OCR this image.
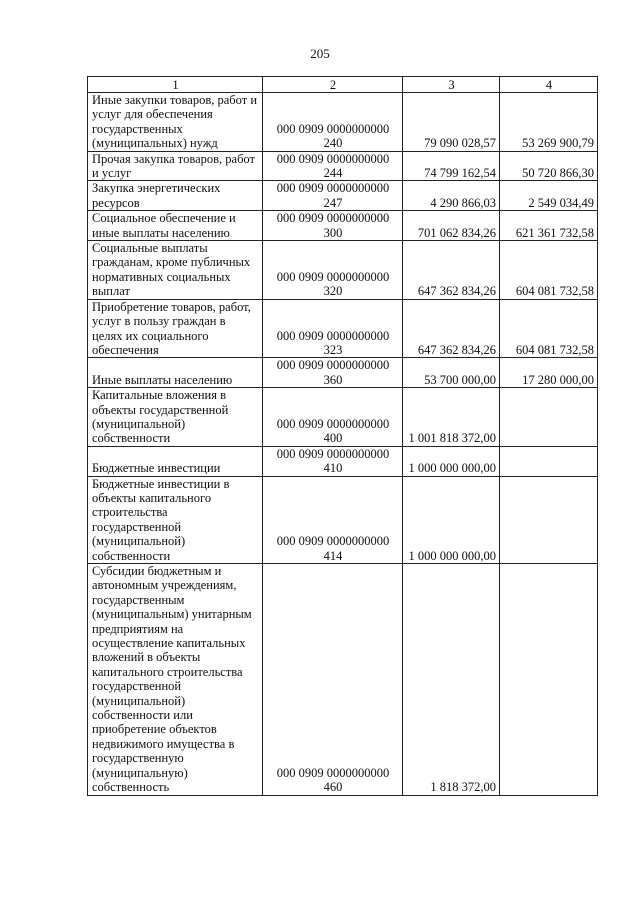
205
1	2	3	4
Иные закупки товаров, работ и услуг для обеспечения государственных (муниципальных) нужд	000 0909 0000000000
240	79 090 028,57	53 269 900,79
Прочая закупка товаров, работ и услуг	000 0909 0000000000
244	74 799 162,54	50 720 866,30
Закупка энергетических ресурсов	000 0909 0000000000
247	4 290 866,03	2 549 034,49
Социальное обеспечение и иные выплаты населению	000 0909 0000000000
300	701 062 834,26	621 361 732,58
Социальные выплаты гражданам, кроме публичных нормативных социальных выплат	000 0909 0000000000
320	647 362 834,26	604 081 732,58
Приобретение товаров, работ, услуг в пользу граждан в целях их социального обеспечения	000 0909 0000000000
323	647 362 834,26	604 081 732,58
Иные выплаты населению	000 0909 0000000000
360	53 700 000,00	17 280 000,00
Капитальные вложения в объекты государственной (муниципальной) собственности	000 0909 0000000000
400	1 001 818 372,00	
Бюджетные инвестиции	000 0909 0000000000
410	1 000 000 000,00	
Бюджетные инвестиции в объекты капитального строительства государственной (муниципальной) собственности	000 0909 0000000000
414	1 000 000 000,00	
Субсидии бюджетным и автономным учреждениям, государственным (муниципальным) унитарным предприятиям на осуществление капитальных вложений в объекты капитального строительства государственной (муниципальной) собственности или приобретение объектов недвижимого имущества в государственную (муниципальную) собственность	000 0909 0000000000
460	1 818 372,00	
